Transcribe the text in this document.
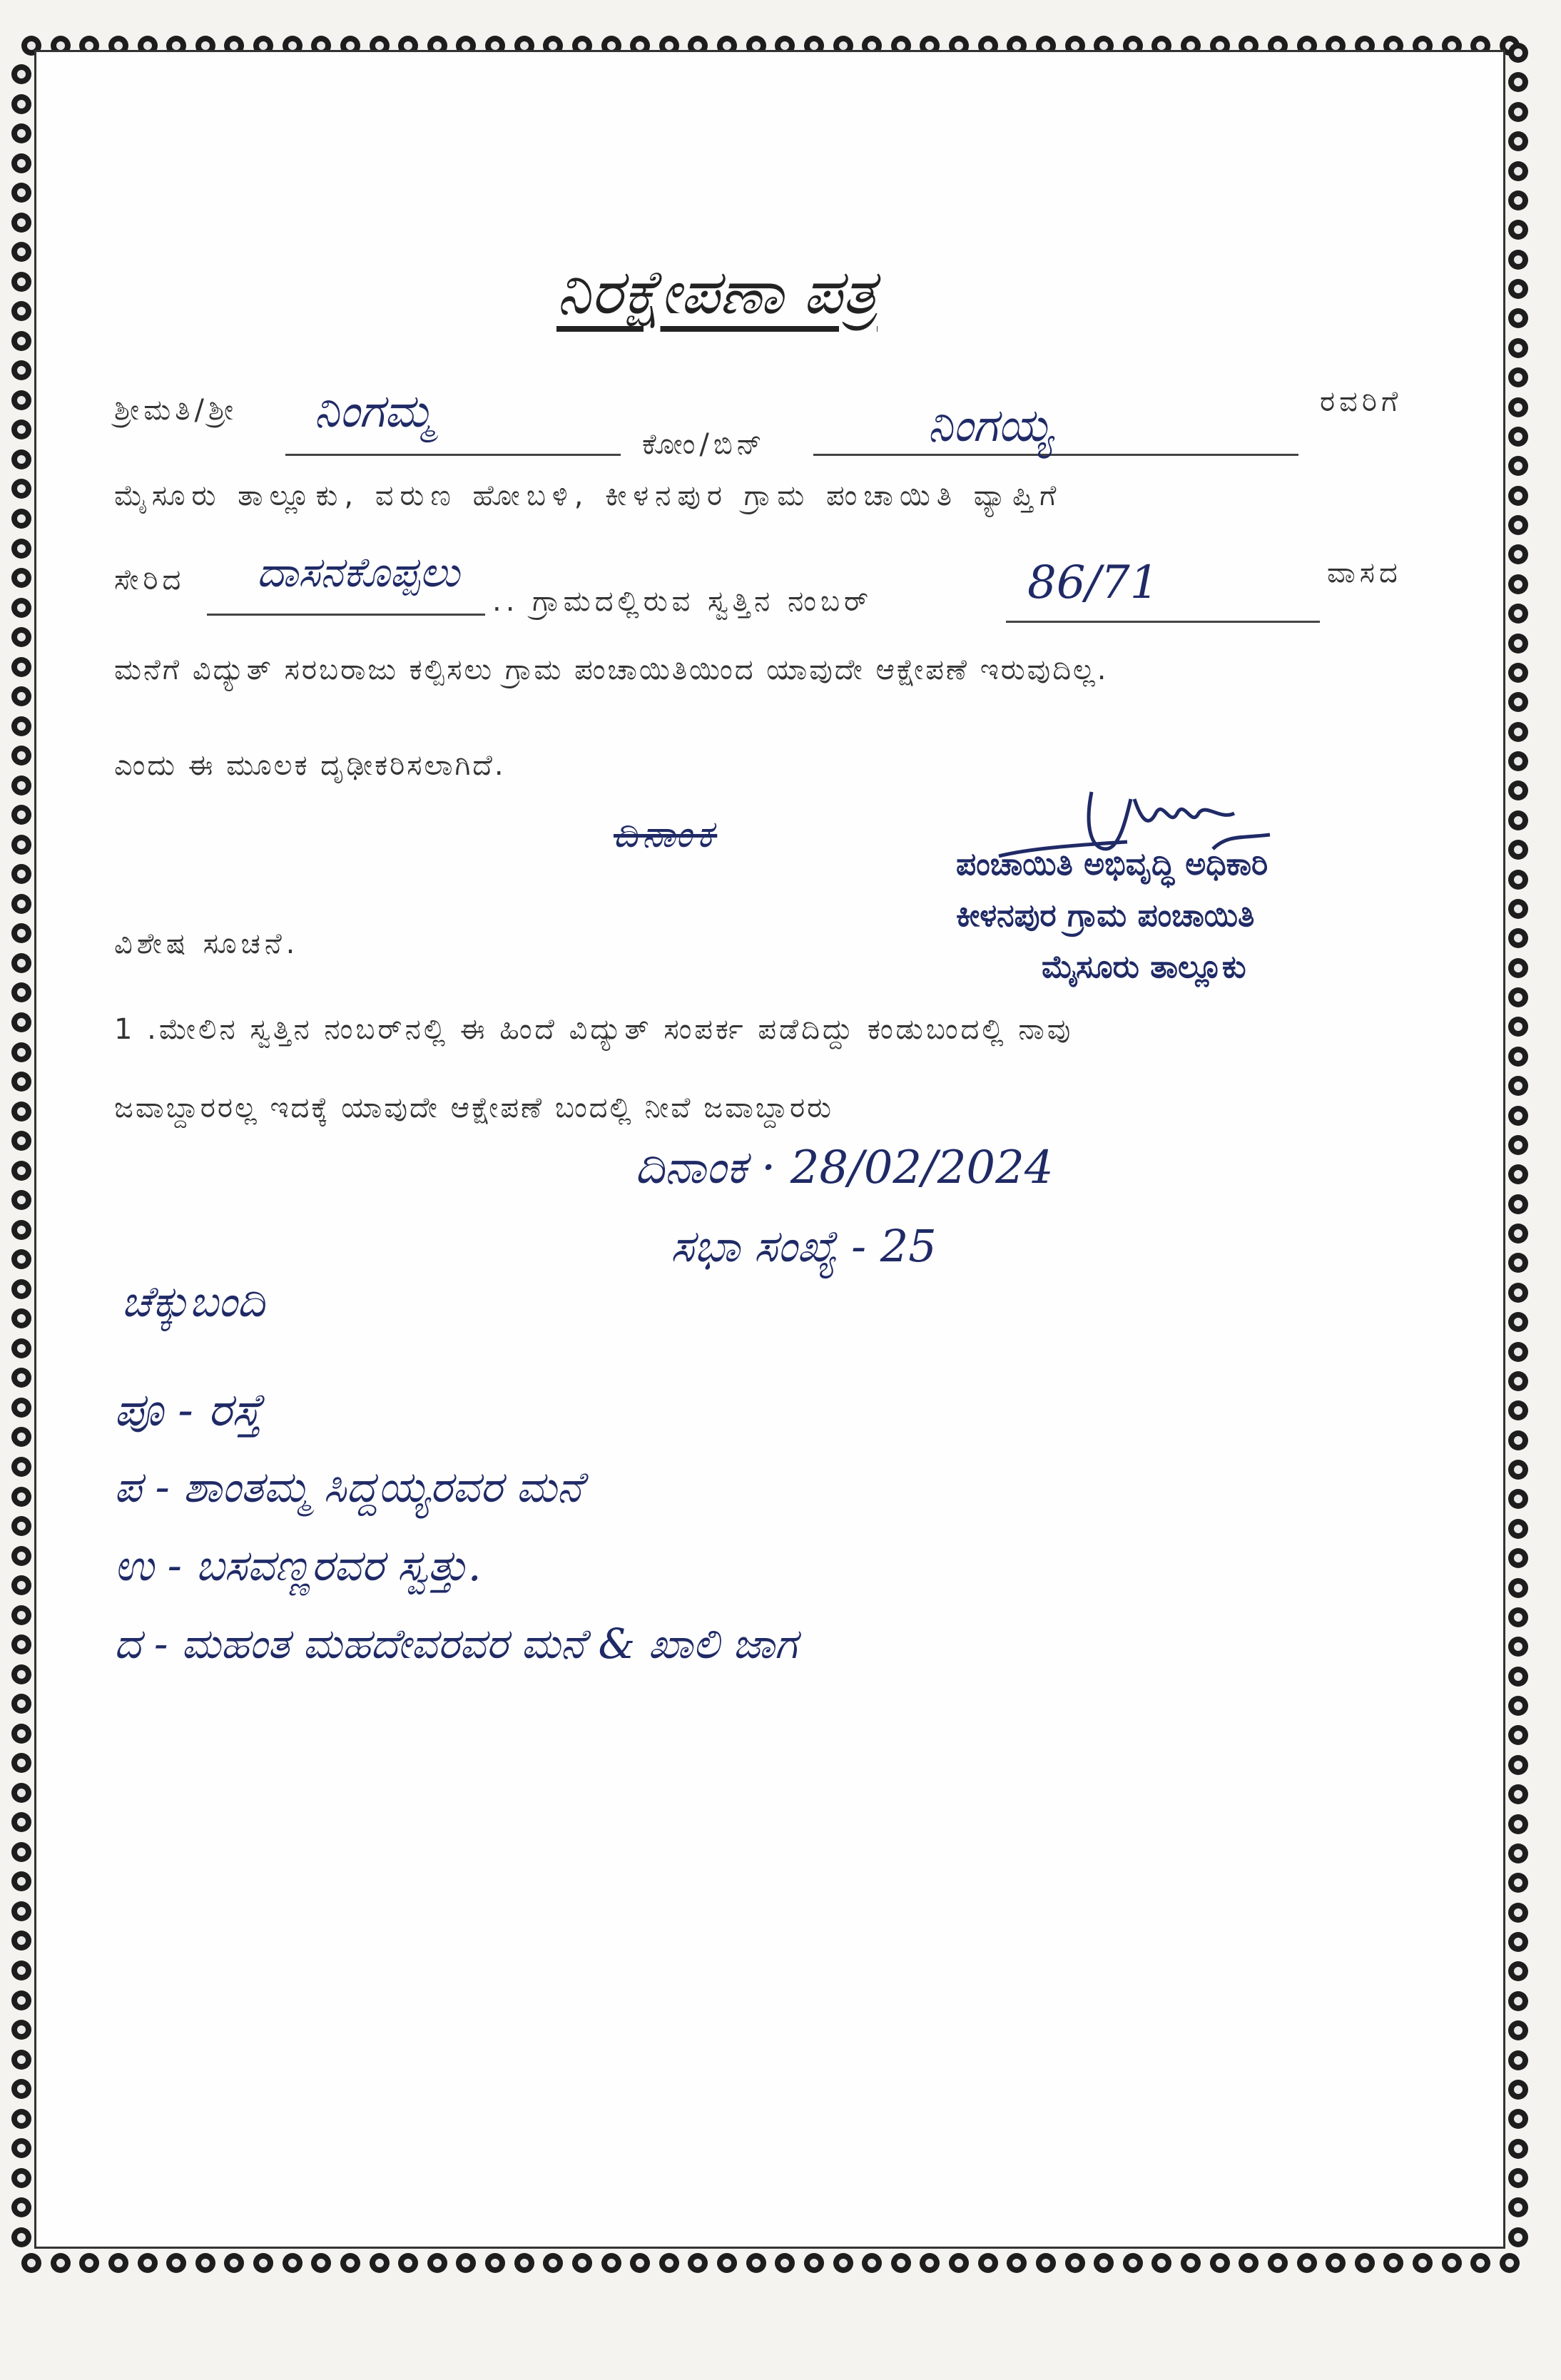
ನಿರಕ್ಷೇಪಣಾ ಪತ್ರ
ಶ್ರೀಮತಿ/ಶ್ರೀ ನಿಂಗಮ್ಮ
ಕೋಂ/ಬಿನ್	ನಿಂಗಯ್ಯ	ರವರಿಗೆ
ಮೈಸೂರು ತಾಲ್ಲೂಕು, ವರುಣ ಹೋಬಳಿ, ಕೀಳನಪುರ ಗ್ರಾಮ ಪಂಚಾಯಿತಿ ವ್ಯಾಪ್ತಿಗೆ
ಸೇರಿದ ದಾಸನಕೊಪ್ಪಲು
.. ಗ್ರಾಮದಲ್ಲಿರುವ ಸ್ವತ್ತಿನ ನಂಬರ್	86/71	ವಾಸದ
ಮನೆಗೆ ವಿದ್ಯುತ್ ಸರಬರಾಜು ಕಲ್ಪಿಸಲು ಗ್ರಾಮ ಪಂಚಾಯಿತಿಯಿಂದ ಯಾವುದೇ ಆಕ್ಷೇಪಣೆ ಇರುವುದಿಲ್ಲ.
ಎಂದು ಈ ಮೂಲಕ ದೃಢೀಕರಿಸಲಾಗಿದೆ.
ದಿನಾಂಕ
ಪಂಚಾಯಿತಿ ಅಭಿವೃದ್ಧಿ ಅಧಿಕಾರಿ
ಕೀಳನಪುರ ಗ್ರಾಮ ಪಂಚಾಯಿತಿ
ಮೈಸೂರು ತಾಲ್ಲೂಕು
ವಿಶೇಷ ಸೂಚನೆ.
1 .ಮೇಲಿನ ಸ್ವತ್ತಿನ ನಂಬರ್‌ನಲ್ಲಿ ಈ ಹಿಂದೆ ವಿದ್ಯುತ್ ಸಂಪರ್ಕ ಪಡೆದಿದ್ದು ಕಂಡುಬಂದಲ್ಲಿ ನಾವು
ಜವಾಬ್ದಾರರಲ್ಲ ಇದಕ್ಕೆ ಯಾವುದೇ ಆಕ್ಷೇಪಣೆ ಬಂದಲ್ಲಿ ನೀವೆ ಜವಾಬ್ದಾರರು
ದಿನಾಂಕ · 28/02/2024
ಸಭಾ ಸಂಖ್ಯೆ - 25
ಚೆಕ್ಕುಬಂದಿ
ಪೂ - ರಸ್ತೆ
ಪ - ಶಾಂತಮ್ಮ ಸಿದ್ದಯ್ಯರವರ ಮನೆ
ಉ - ಬಸವಣ್ಣರವರ ಸ್ವತ್ತು.
ದ - ಮಹಂತ ಮಹದೇವರವರ ಮನೆ & ಖಾಲಿ ಜಾಗ
